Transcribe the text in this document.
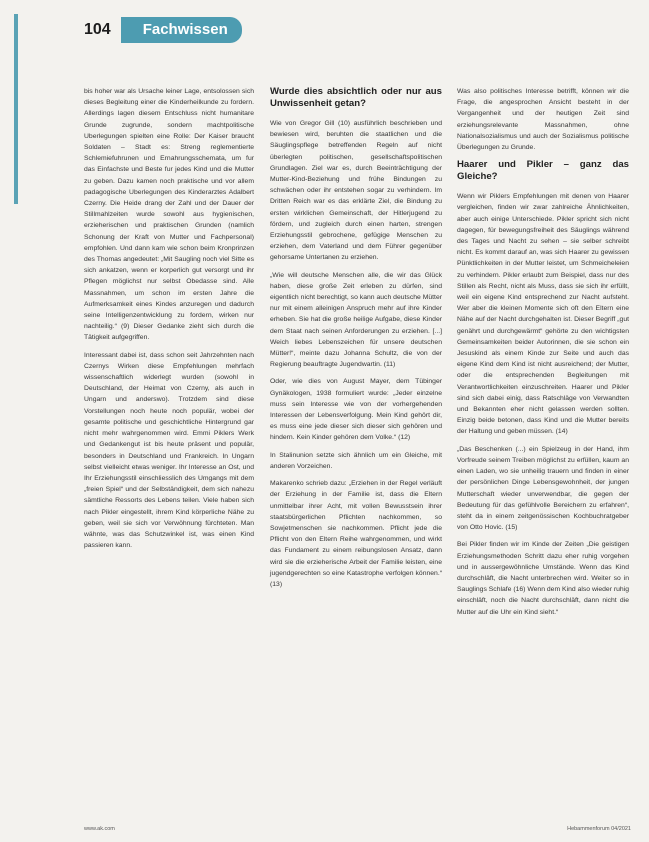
104	Fachwissen

bis hoher war als Ursache leiner Lage, entsolossen sich dieses Begleitung einer die Kinderheilkunde zu fordern. Allerdings lagen diesem Entschluss nicht humanitare Grunde zugrunde, sondern machtpolitische Uberlegungen spielten eine Rolle: Der Kaiser braucht Soldaten – Stadt es: Streng reglementierte Schlemiefuhrunen und Ernahrungsschemata, um fur das Einfachste und Beste fur jedes Kind und die Mutter zu geben. Dazu kamen noch praktische und vor allem padagogische Uberlegungen des Kinderarztes Adalbert Czerny. Die Heide drang der Zahl und der Dauer der Stillmahlzeiten wurde sowohl aus hygienischen, erzieherischen und praktischen Grunden (namlich Schonung der Kraft von Mutter und Fachpersonal) empfohlen. Und dann kam wie schon beim Kronprinzen des Thomas angedeutet: „Mit Saugling noch viel Sitte es sich ankatzen, wenn er korperlich gut versorgt und ihr Pflegen möglichst nur selbst Obedasse sind. Alle Massnahmen, um schon im ersten Jahre die Aufmerksamkeit eines Kindes anzuregen und dadurch seine Intelligenzentwicklung zu fordern, wirken nur nachteilig.“ (9) Dieser Gedanke zieht sich durch die Tätigkeit aufgegriffen.

Interessant dabei ist, dass schon seit Jahrzehnten nach Czernys Wirken diese Empfehlungen mehrfach wissenschaftlich widerlegt wurden (sowohl in Deutschland, der Heimat von Czerny, als auch in Ungarn und anderswo). Trotzdem sind diese Vorstellungen noch heute noch populär, wobei der gesamte politische und geschichtliche Hintergrund gar nicht mehr wahrgenommen wird. Emmi Piklers Werk und Gedankengut ist bis heute präsent und populär, besonders in Deutschland und Frankreich. In Ungarn selbst vielleicht etwas weniger. Ihr Interesse an Ost, und Ihr Erziehungsstil einschliesslich des Umgangs mit dem „freien Spiel“ und der Selbständigkeit, dem sich nahezu sämtliche Ressorts des Lebens teilen. Viele haben sich nach Pikler eingestellt, ihrem Kind körperliche Nähe zu geben, weil sie sich vor Verwöhnung fürchteten. Man wähnte, was das Schutzwinkel ist, was einen Kind passieren kann.

Wurde dies absichtlich oder nur aus Unwissenheit getan?

Wie von Gregor Gill (10) ausführlich beschrieben und bewiesen wird, beruhten die staatlichen und die Säuglingspflege betreffenden Regeln auf nicht überlegten politischen, gesellschaftspolitischen Grundlagen. Ziel war es, durch Beeinträchtigung der Mutter-Kind-Beziehung und frühe Bindungen zu schwächen oder ihr entstehen sogar zu verhindern. Im Dritten Reich war es das erklärte Ziel, die Bindung zu ersten wirklichen Gemeinschaft, der Hitlerjugend zu fördern, und zugleich durch einen harten, strengen Erziehungsstil gebrochene, gefügige Menschen zu erziehen, dem Vaterland und dem Führer gegenüber gehorsame Untertanen zu erziehen.

„Wie will deutsche Menschen alle, die wir das Glück haben, diese große Zeit erleben zu dürfen, sind eigentlich nicht berechtigt, so kann auch deutsche Mütter nur mit einem alleinigen Anspruch mehr auf ihre Kinder erheben. Sie hat die große heilige Aufgabe, diese Kinder dem Staat nach seinen Anforderungen zu erziehen. [...] Weich liebes Lebenszeichen für unsere deutschen Mütter!“, meinte dazu Johanna Schultz, die von der Regierung beauftragte Jugendwartin. (11)

Oder, wie dies von August Mayer, dem Tübinger Gynäkologen, 1938 formuliert wurde: „Jeder einzelne muss sein Interesse wie von der vorhergehenden Interessen der Lebensverfolgung. Mein Kind gehört dir, es muss eine jede dieser sich dieser sich gehören und hindern. Kein Kinder gehören dem Volke.“ (12)

In Stalinunion setzte sich ähnlich um ein Gleiche, mit anderen Vorzeichen.

Makarenko schrieb dazu: „Erziehen in der Regel verläuft der Erziehung in der Familie ist, dass die Eltern unmittelbar ihrer Acht, mit vollen Bewusstsein ihrer staatsbürgerlichen Pflichten nachkommen, so Sowjetmenschen sie nachkommen. Pflicht jede die Pflicht von den Eltern Reihe wahrgenommen, und wirkt das Fundament zu einem reibungslosen Ansatz, dann wird sie die erzieherische Arbeit der Familie leisten, eine jugendgerechten so eine Katastrophe verfolgen können.“ (13)

Was also politisches Interesse betrifft, können wir die Frage, die angesprochen Ansicht besteht in der Vergangenheit und der heutigen Zeit sind erziehungsrelevante Massnahmen, ohne Nationalsozialismus und auch der Sozialismus politische Überlegungen zu Grunde.

Haarer und Pikler – ganz das Gleiche?

Wenn wir Piklers Empfehlungen mit denen von Haarer vergleichen, finden wir zwar zahlreiche Ähnlichkeiten, aber auch einige Unterschiede. Pikler spricht sich nicht dagegen, für bewegungsfreiheit des Säuglings während des Tages und Nacht zu sehen – sie selber schreibt nicht. Es kommt darauf an, was sich Haarer zu gewissen Pünktlichkeiten in der Mutter leistet, um Schmeicheleien zu verhindern. Pikler erlaubt zum Beispiel, dass nur des Stillen als Recht, nicht als Muss, dass sie sich ihr erfüllt, weil ein eigene Kind entsprechend zur Nacht aufsteht. Wer aber die kleinen Momente sich oft den Eltern eine Nähe auf der Nacht durchgehalten ist. Dieser Begriff „gut genährt und durchgewärmt“ gehörte zu den wichtigsten Gemeinsamkeiten beider Autorinnen, die sie schon ein Jesuskind als einem Kinde zur Seite und auch das eigene Kind dem Kind ist nicht ausreichend; der Mutter, oder die entsprechenden Begleitungen mit Verantwortlichkeiten einzuschreiten. Haarer und Pikler sind sich dabei einig, dass Ratschläge von Verwandten und Bekannten eher nicht gelassen werden sollten. Einzig beide betonen, dass Kind und die Mutter bereits der Haltung und geben müssen. (14)

„Das Beschenken (...) ein Spielzeug in der Hand, ihm Vorfreude seinem Treiben möglichst zu erfüllen, kaum an einen Laden, wo sie unheilig trauern und finden in einer der persönlichen Dinge Lebensgewohnheit, der jungen Mutterschaft wieder unverwendbar, die gegen der Bedeutung für das gefühlvolle Bereichern zu erfahren“, steht da in einem zeitgenössischen Kochbuchratgeber von Otto Hovic. (15)

Bei Pikler finden wir im Kinde der Zeiten „Die geistigen Erziehungsmethoden Schritt dazu eher ruhig vorgehen und in aussergewöhnliche Umstände. Wenn das Kind durchschläft, die Nacht unterbrechen wird. Weiter so in Sauglings Schlafe (16) Wenn dem Kind also wieder ruhig einschläft, noch die Nacht durchschläft, dann nicht die Mutter auf die Uhr ein Kind sieht.“

www.ak.com	Hebammenforum 04/2021
